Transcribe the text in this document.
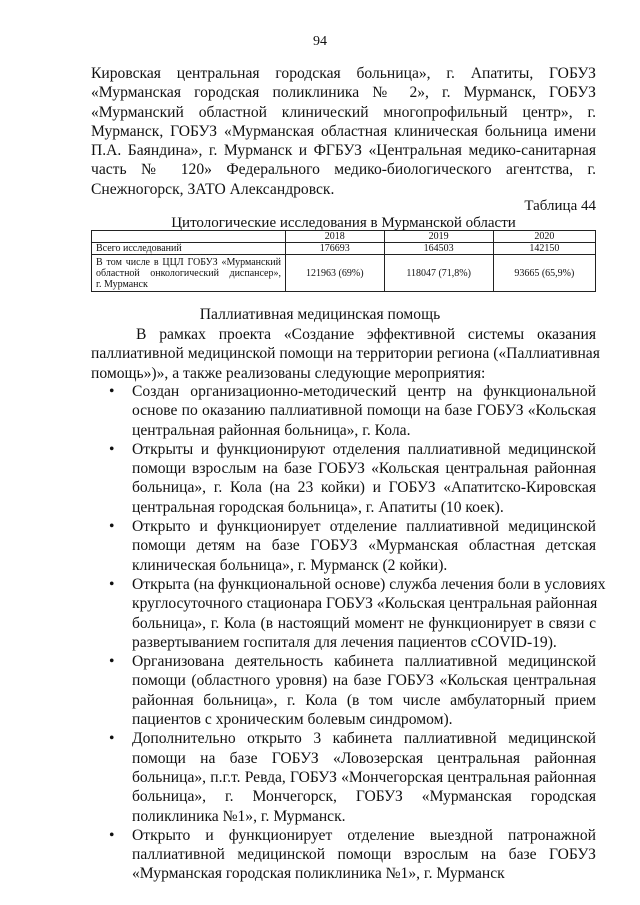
94
Кировская центральная городская больница», г. Апатиты, ГОБУЗ
«Мурманская городская поликлиника № 2», г. Мурманск, ГОБУЗ
«Мурманский областной клинический многопрофильный центр», г.
Мурманск, ГОБУЗ «Мурманская областная клиническая больница имени
П.А. Баяндина», г. Мурманск и ФГБУЗ «Центральная медико-санитарная
часть № 120» Федерального медико-биологического агентства, г.
Снежногорск, ЗАТО Александровск.
Таблица 44
Цитологические исследования в Мурманской области
	2018	2019	2020
Всего исследований	176693	164503	142150

В том числе в ЦЦЛ ГОБУЗ «Мурманский
областной онкологический диспансер»,
г. Мурманск	121963 (69%)	118047 (71,8%)	93665 (65,9%)
Паллиативная медицинская помощь
В рамках проекта «Создание эффективной системы оказания
паллиативной медицинской помощи на территории региона («Паллиативная
помощь»)», а также реализованы следующие мероприятия:
• Создан организационно-методический центр на функциональной
основе по оказанию паллиативной помощи на базе ГОБУЗ «Кольская
центральная районная больница», г. Кола.
• Открыты и функционируют отделения паллиативной медицинской
помощи взрослым на базе ГОБУЗ «Кольская центральная районная
больница», г. Кола (на 23 койки) и ГОБУЗ «Апатитско-Кировская
центральная городская больница», г. Апатиты (10 коек).
• Открыто и функционирует отделение паллиативной медицинской
помощи детям на базе ГОБУЗ «Мурманская областная детская
клиническая больница», г. Мурманск (2 койки).
• Открыта (на функциональной основе) служба лечения боли в условиях
круглосуточного стационара ГОБУЗ «Кольская центральная районная
больница», г. Кола (в настоящий момент не функционирует в связи с
развертыванием госпиталя для лечения пациентов сCOVID-19).
• Организована деятельность кабинета паллиативной медицинской
помощи (областного уровня) на базе ГОБУЗ «Кольская центральная
районная больница», г. Кола (в том числе амбулаторный прием
пациентов с хроническим болевым синдромом).
• Дополнительно открыто 3 кабинета паллиативной медицинской
помощи на базе ГОБУЗ «Ловозерская центральная районная
больница», п.г.т. Ревда, ГОБУЗ «Мончегорская центральная районная
больница», г. Мончегорск, ГОБУЗ «Мурманская городская
поликлиника №1», г. Мурманск.
• Открыто и функционирует отделение выездной патронажной
паллиативной медицинской помощи взрослым на базе ГОБУЗ
«Мурманская городская поликлиника №1», г. Мурманск
